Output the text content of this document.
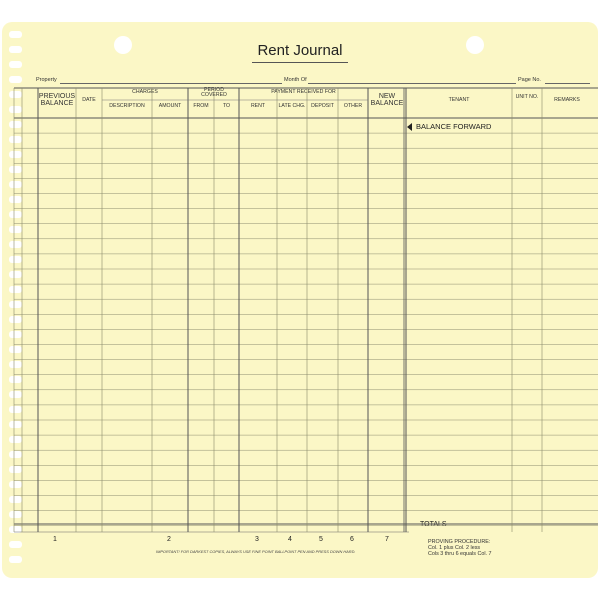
Rent Journal
Property	Month Of	Page No.
PREVIOUS BALANCE
DATE
CHARGES
DESCRIPTION	AMOUNT
PERIOD COVERED
FROM	TO
PAYMENT RECEIVED FOR
RENT	LATE CHG.	DEPOSIT	OTHER
NEW BALANCE
TENANT	UNIT NO.	REMARKS
BALANCE FORWARD
TOTALS
1	2	3	4	5	6	7
IMPORTANT! FOR DARKEST COPIES, ALWAYS USE FINE POINT BALLPOINT PEN AND PRESS DOWN HARD.
PROVING PROCEDURE:
Col. 1 plus Col. 2 less
Cols 3 thru 6 equals Col. 7
